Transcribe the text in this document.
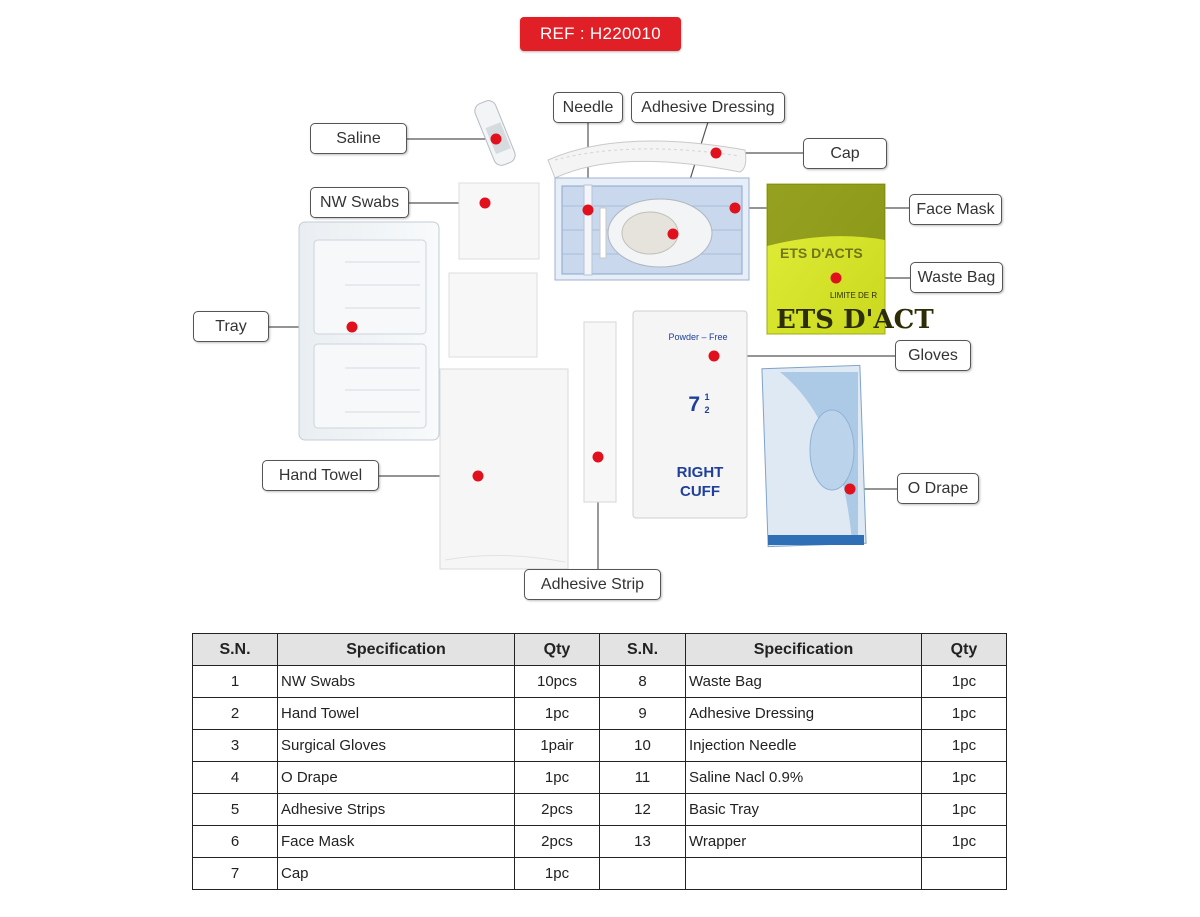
REF : H220010
ETS D'ACT
LIMITE DE R
ETS D'ACTS
Powder – Free
7 1
2
RIGHT
CUFF
Saline
Needle	Adhesive Dressing
Cap
NW Swabs	Face Mask
Waste Bag
Tray
Gloves
Hand Towel
O Drape
Adhesive Strip
S.N.	Specification	Qty	S.N.	Specification	Qty
1	NW Swabs	10pcs	8	Waste Bag	1pc
2	Hand Towel	1pc	9	Adhesive Dressing	1pc
3	Surgical Gloves	1pair	10	Injection Needle	1pc
4	O Drape	1pc	11	Saline Nacl 0.9%	1pc
5	Adhesive Strips	2pcs	12	Basic Tray	1pc
6	Face Mask	2pcs	13	Wrapper	1pc
7	Cap	1pc			
